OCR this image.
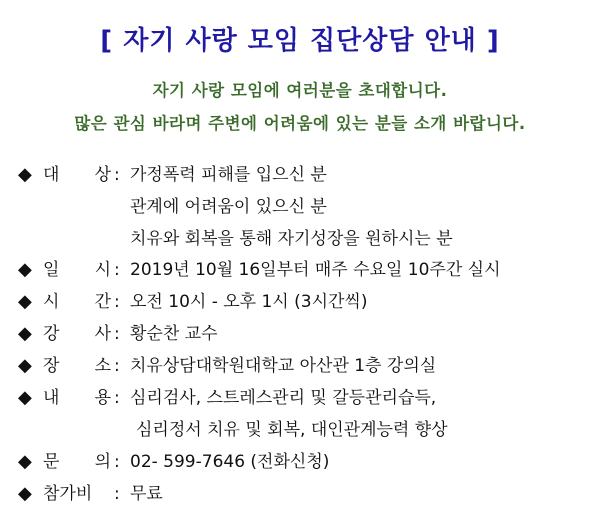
[ 자기 사랑 모임 집단상담 안내 ]
자기 사랑 모임에 여러분을 초대합니다.
많은 관심 바라며 주변에 어려움에 있는 분들 소개 바랍니다.
◆ 대 상 : 가정폭력 피해를 입으신 분
관계에 어려움이 있으신 분
치유와 회복을 통해 자기성장을 원하시는 분
◆ 일 시 : 2019년 10월 16일부터 매주 수요일 10주간 실시
◆ 시 간 : 오전 10시 - 오후 1시 (3시간씩)
◆ 강 사 : 황순찬 교수
◆ 장 소 : 치유상담대학원대학교 아산관 1층 강의실
◆ 내 용 : 심리검사, 스트레스관리 및 갈등관리습득,
심리정서 치유 및 회복, 대인관계능력 향상
◆ 문 의 : 02- 599-7646 (전화신청)
◆ 참가비 : 무료
